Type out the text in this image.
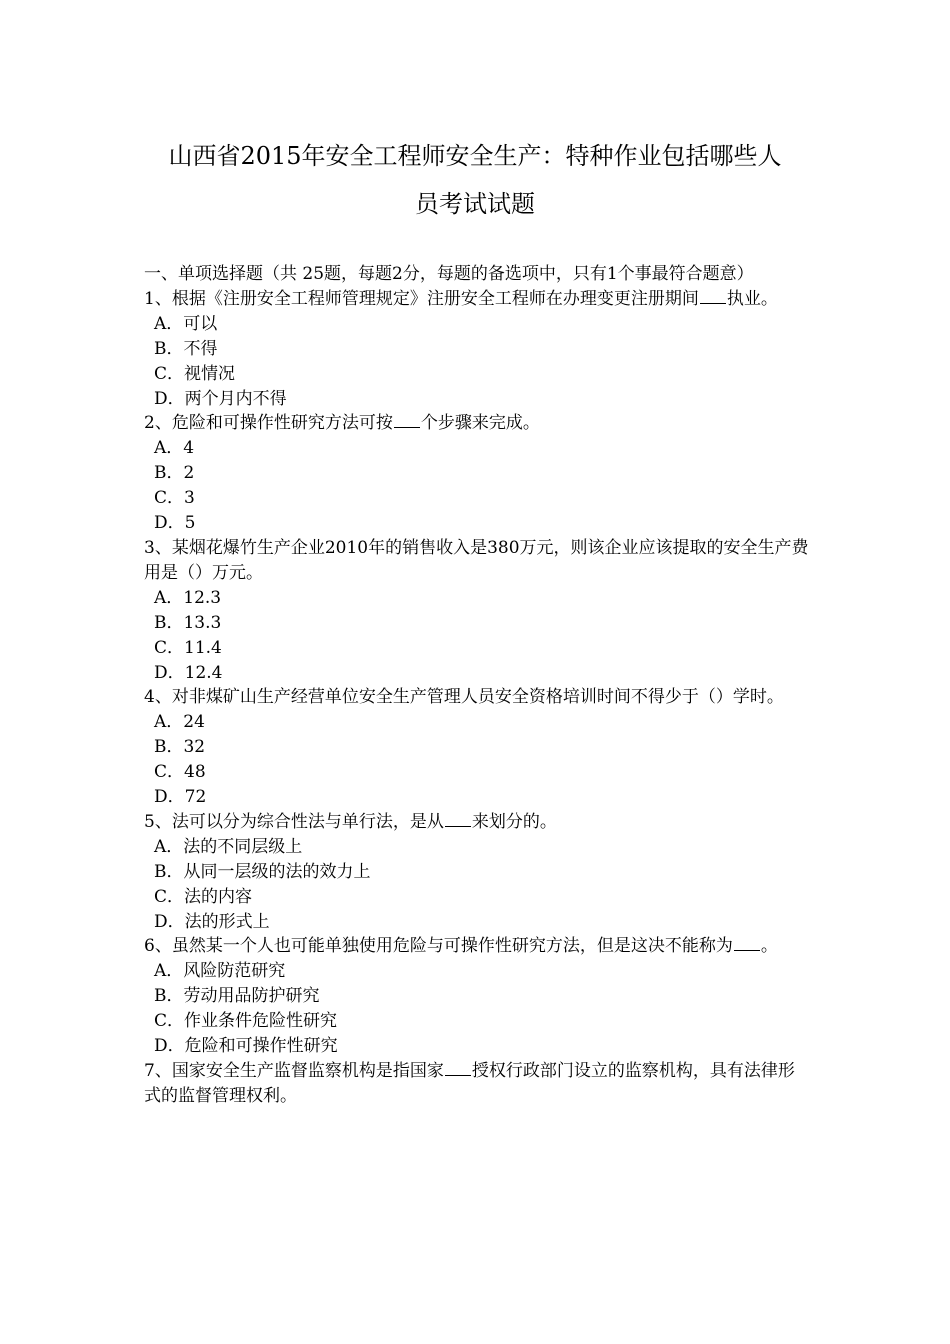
山西省2015年安全工程师安全生产：特种作业包括哪些人
员考试试题

一、单项选择题（共 25题，每题2分，每题的备选项中，只有1个事最符合题意）

1、根据《注册安全工程师管理规定》注册安全工程师在办理变更注册期间 执业。

A．可以

B．不得

C．视情况

D．两个月内不得

2、危险和可操作性研究方法可按 个步骤来完成。

A．4

B．2

C．3

D．5

3、某烟花爆竹生产企业2010年的销售收入是380万元，则该企业应该提取的安全生产费用是（）万元。

A．12.3

B．13.3

C．11.4

D．12.4

4、对非煤矿山生产经营单位安全生产管理人员安全资格培训时间不得少于（）学时。

A．24

B．32

C．48

D．72

5、法可以分为综合性法与单行法，是从 来划分的。

A．法的不同层级上

B．从同一层级的法的效力上

C．法的内容

D．法的形式上

6、虽然某一个人也可能单独使用危险与可操作性研究方法，但是这决不能称为 。

A．风险防范研究

B．劳动用品防护研究

C．作业条件危险性研究

D．危险和可操作性研究

7、国家安全生产监督监察机构是指国家 授权行政部门设立的监察机构，具有法律形式的监督管理权利。
